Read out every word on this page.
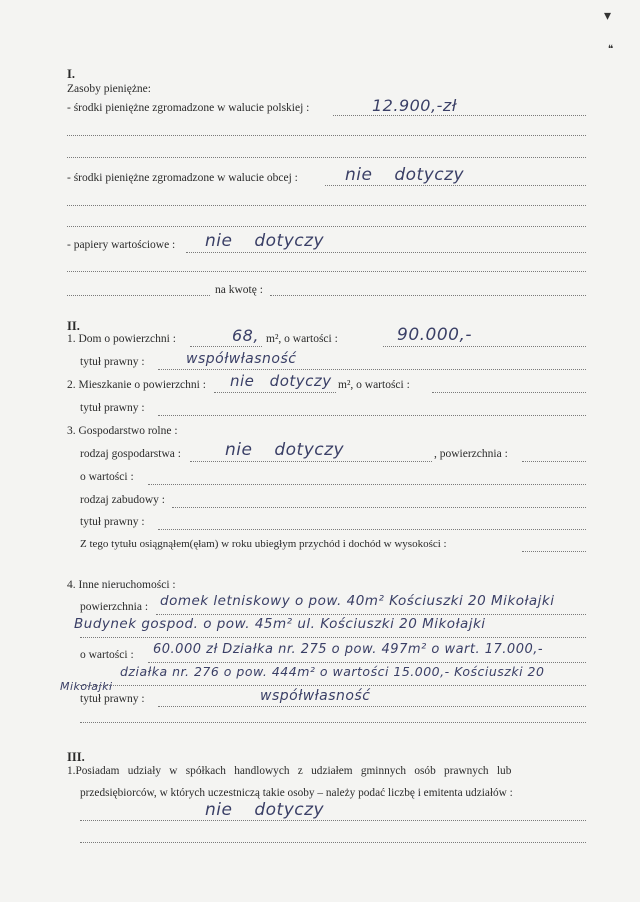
▾
❝
I.
Zasoby pieniężne:
- środki pieniężne zgromadzone w walucie polskiej :	12.900,-zł
- środki pieniężne zgromadzone w walucie obcej :	nie dotyczy
- papiery wartościowe : nie dotyczy
na kwotę :
II.
1. Dom o powierzchni :	68, m², o wartości :	90.000,-
tytuł prawny :	współwłasność
2. Mieszkanie o powierzchni : nie dotyczy m², o wartości :
tytuł prawny :
3. Gospodarstwo rolne :
rodzaj gospodarstwa :	nie dotyczy	, powierzchnia :
o wartości :
rodzaj zabudowy :
tytuł prawny :
Z tego tytułu osiągnąłem(ęłam) w roku ubiegłym przychód i dochód w wysokości :
4. Inne nieruchomości :
powierzchnia : domek letniskowy o pow. 40m² Kościuszki 20 Mikołajki
Budynek gospod. o pow. 45m² ul. Kościuszki 20 Mikołajki
o wartości : 60.000 zł Działka nr. 275 o pow. 497m² o wart. 17.000,-
działka nr. 276 o pow. 444m² o wartości 15.000,- Kościuszki 20
Mikołajki
tytuł prawny :	współwłasność
III.
1.Posiadam udziały w spółkach handlowych z udziałem gminnych osób prawnych lub
przedsiębiorców, w których uczestniczą takie osoby – należy podać liczbę i emitenta udziałów :
nie dotyczy
